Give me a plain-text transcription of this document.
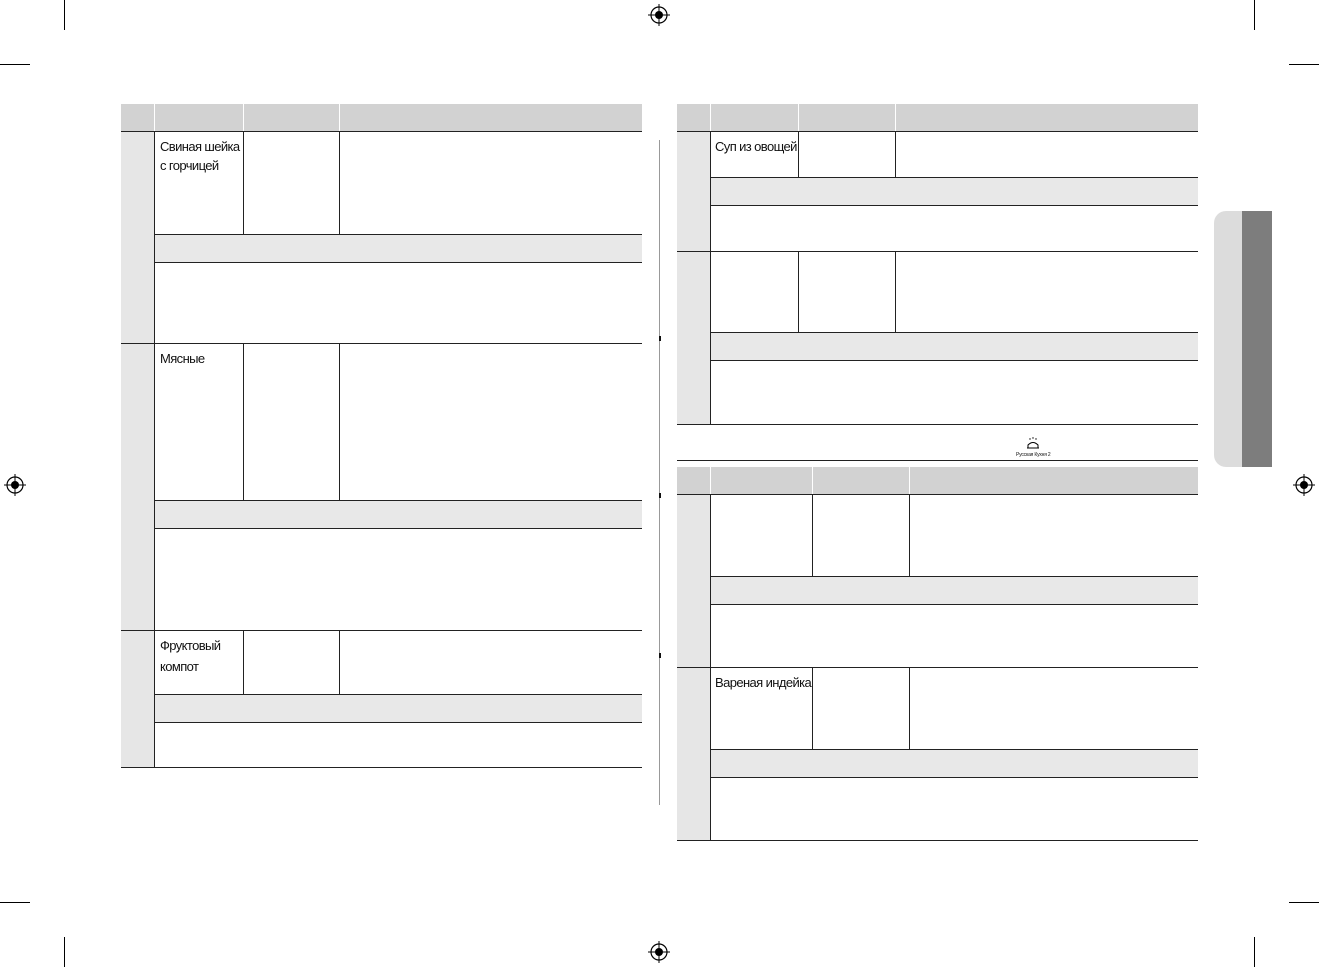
Свиная шейка
с горчицей
Мясные
Фруктовый
компот
Суп из овощей
Русская Кухня 2
Вареная индейка
